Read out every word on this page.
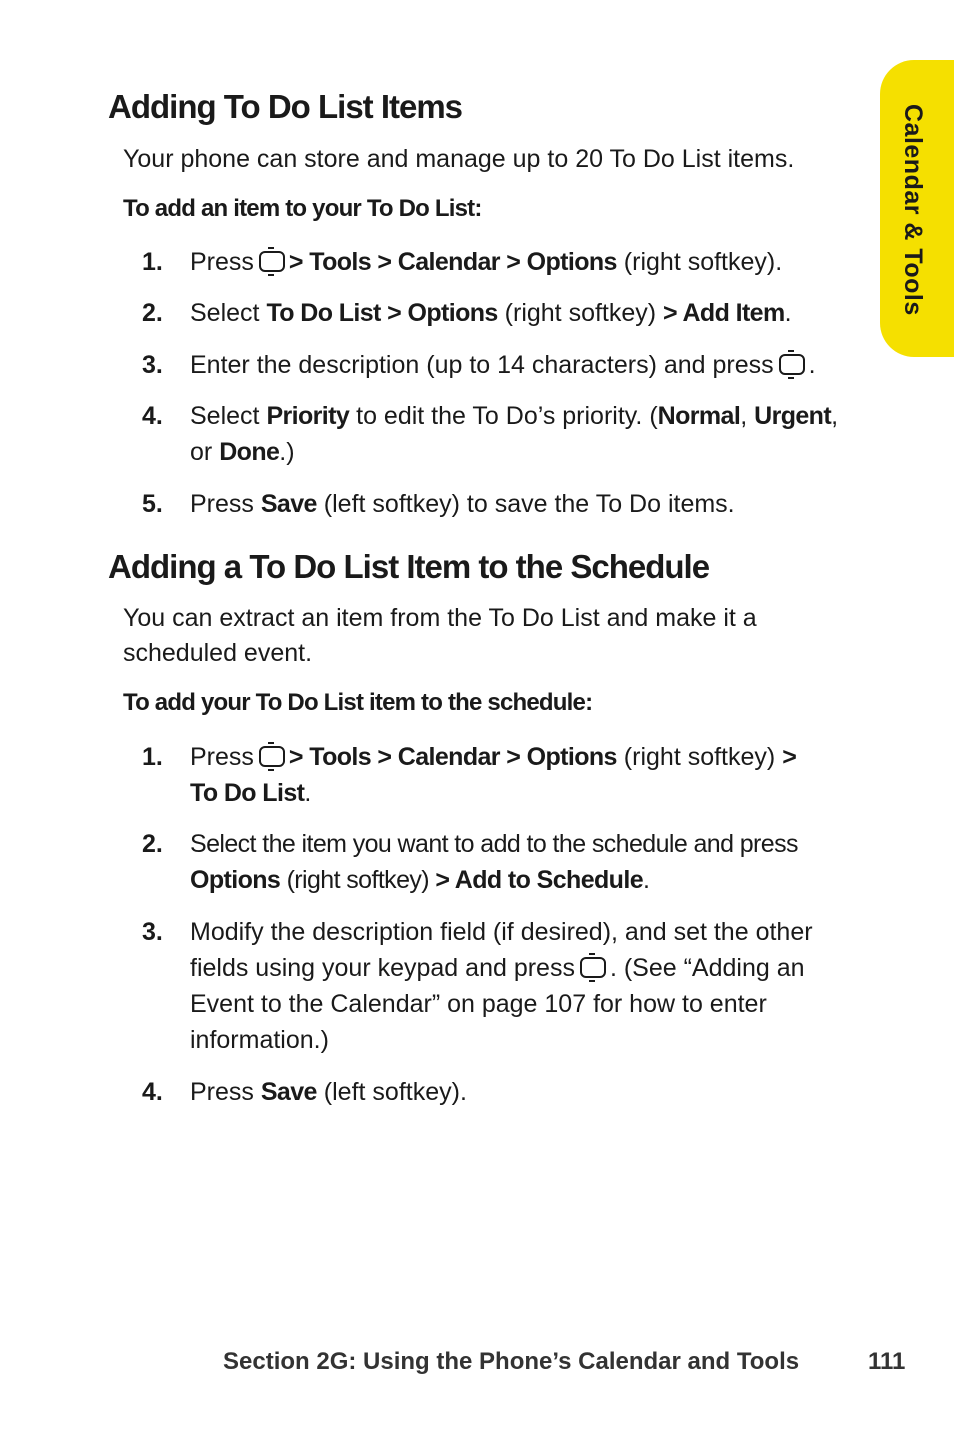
Calendar & Tools
Adding To Do List Items

Your phone can store and manage up to 20 To Do List items.

To add an item to your To Do List:

1. Press > Tools > Calendar > Options (right softkey).
2. Select To Do List > Options (right softkey) > Add Item.
3. Enter the description (up to 14 characters) and press .
4. Select Priority to edit the To Do’s priority. (Normal, Urgent, or Done.)
5. Press Save (left softkey) to save the To Do items.
Adding a To Do List Item to the Schedule

You can extract an item from the To Do List and make it a scheduled event.

To add your To Do List item to the schedule:

1. Press > Tools > Calendar > Options (right softkey) > To Do List.
2. Select the item you want to add to the schedule and press Options (right softkey) > Add to Schedule.
3. Modify the description field (if desired), and set the other fields using your keypad and press . (See “Adding an Event to the Calendar” on page 107 for how to enter information.)
4. Press Save (left softkey).
Section 2G: Using the Phone’s Calendar and Tools	111
